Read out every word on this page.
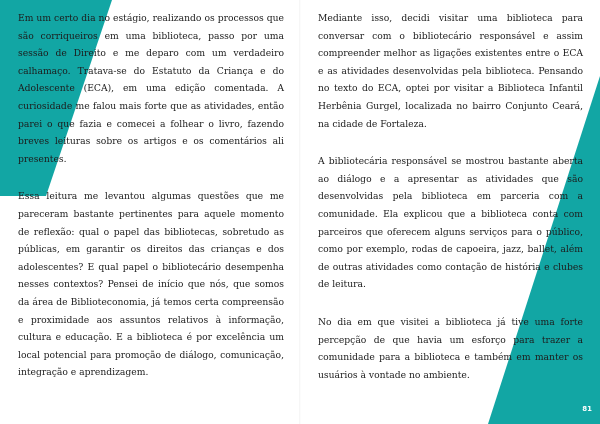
Em um certo dia no estágio, realizando os processos que são corriqueiros em uma biblioteca, passo por uma sessão de Direito e me deparo com um verdadeiro calhamaço. Tratava-se do Estatuto da Criança e do Adolescente (ECA), em uma edição comentada. A curiosidade me falou mais forte que as atividades, então parei o que fazia e comecei a folhear o livro, fazendo breves leituras sobre os artigos e os comentários ali presentes.

Essa leitura me levantou algumas questões que me pareceram bastante pertinentes para aquele momento de reflexão: qual o papel das bibliotecas, sobretudo as públicas, em garantir os direitos das crianças e dos adolescentes? E qual papel o bibliotecário desempenha nesses contextos? Pensei de início que nós, que somos da área de Biblioteconomia, já temos certa compreensão e proximidade aos assuntos relativos à informação, cultura e educação. E a biblioteca é por excelência um local potencial para promoção de diálogo, comunicação, integração e aprendizagem.

Mediante isso, decidi visitar uma biblioteca para conversar com o bibliotecário responsável e assim compreender melhor as ligações existentes entre o ECA e as atividades desenvolvidas pela biblioteca. Pensando no texto do ECA, optei por visitar a Biblioteca Infantil Herbênia Gurgel, localizada no bairro Conjunto Ceará, na cidade de Fortaleza.

A bibliotecária responsável se mostrou bastante aberta ao diálogo e a apresentar as atividades que são desenvolvidas pela biblioteca em parceria com a comunidade. Ela explicou que a biblioteca conta com parceiros que oferecem alguns serviços para o público, como por exemplo, rodas de capoeira, jazz, ballet, além de outras atividades como contação de história e clubes de leitura.

No dia em que visitei a biblioteca já tive uma forte percepção de que havia um esforço para trazer a comunidade para a biblioteca e também em manter os usuários à vontade no ambiente.

81
